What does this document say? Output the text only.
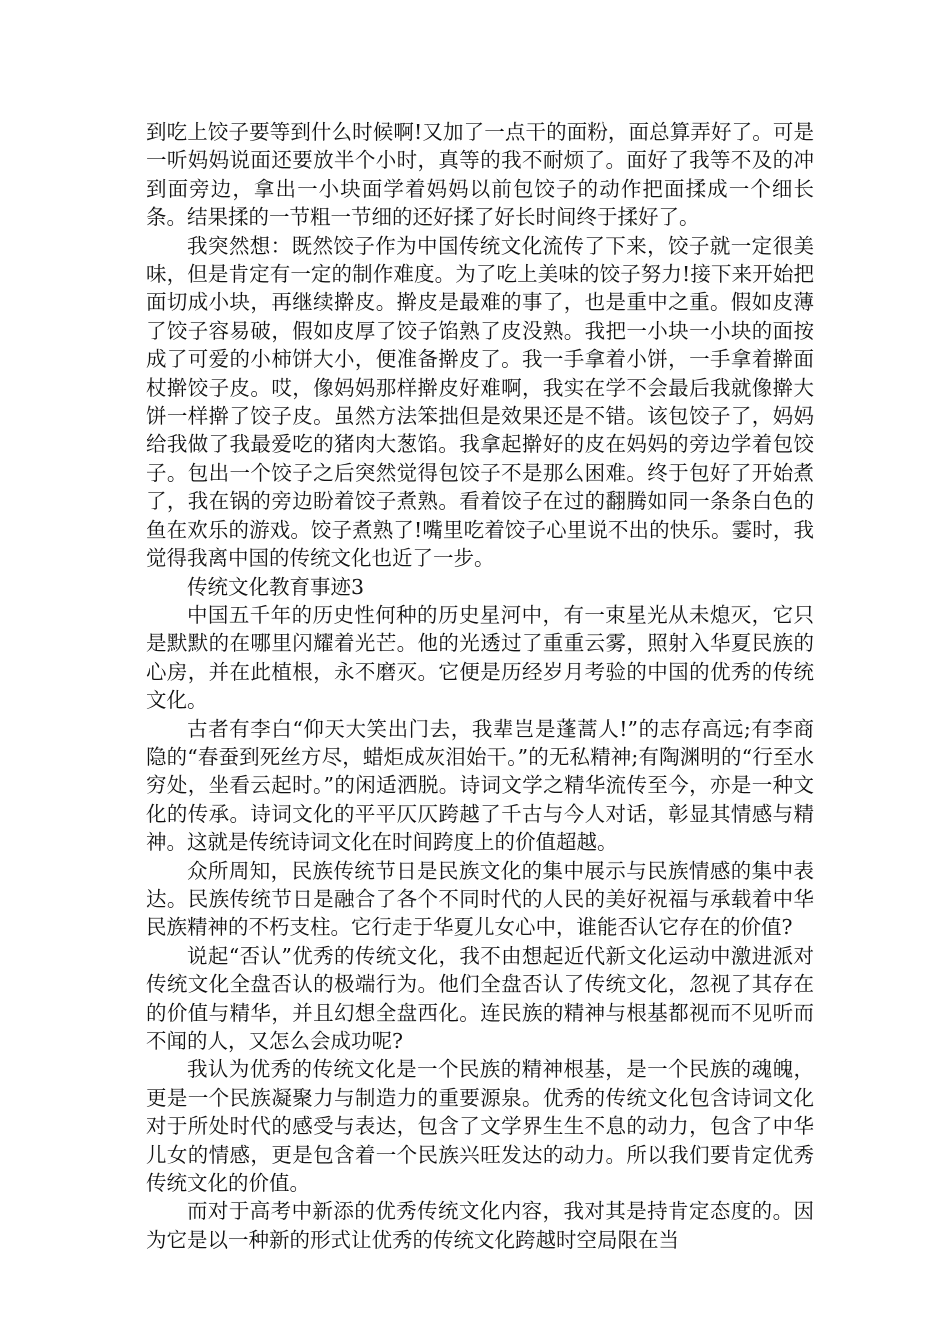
到吃上饺子要等到什么时候啊!又加了一点干的面粉，面总算弄好了。可是一听妈妈说面还要放半个小时，真等的我不耐烦了。面好了我等不及的冲到面旁边，拿出一小块面学着妈妈以前包饺子的动作把面揉成一个细长条。结果揉的一节粗一节细的还好揉了好长时间终于揉好了。

我突然想：既然饺子作为中国传统文化流传了下来，饺子就一定很美味，但是肯定有一定的制作难度。为了吃上美味的饺子努力!接下来开始把面切成小块，再继续擀皮。擀皮是最难的事了，也是重中之重。假如皮薄了饺子容易破，假如皮厚了饺子馅熟了皮没熟。我把一小块一小块的面按成了可爱的小柿饼大小，便准备擀皮了。我一手拿着小饼，一手拿着擀面杖擀饺子皮。哎，像妈妈那样擀皮好难啊，我实在学不会最后我就像擀大饼一样擀了饺子皮。虽然方法笨拙但是效果还是不错。该包饺子了，妈妈给我做了我最爱吃的猪肉大葱馅。我拿起擀好的皮在妈妈的旁边学着包饺子。包出一个饺子之后突然觉得包饺子不是那么困难。终于包好了开始煮了，我在锅的旁边盼着饺子煮熟。看着饺子在过的翻腾如同一条条白色的鱼在欢乐的游戏。饺子煮熟了!嘴里吃着饺子心里说不出的快乐。霎时，我觉得我离中国的传统文化也近了一步。

传统文化教育事迹3

中国五千年的历史性何种的历史星河中，有一束星光从未熄灭，它只是默默的在哪里闪耀着光芒。他的光透过了重重云雾，照射入华夏民族的心房，并在此植根，永不磨灭。它便是历经岁月考验的中国的优秀的传统文化。

古者有李白“仰天大笑出门去，我辈岂是蓬蒿人!”的志存高远;有李商隐的“春蚕到死丝方尽，蜡炬成灰泪始干。”的无私精神;有陶渊明的“行至水穷处，坐看云起时。”的闲适洒脱。诗词文学之精华流传至今，亦是一种文化的传承。诗词文化的平平仄仄跨越了千古与今人对话，彰显其情感与精神。这就是传统诗词文化在时间跨度上的价值超越。

众所周知，民族传统节日是民族文化的集中展示与民族情感的集中表达。民族传统节日是融合了各个不同时代的人民的美好祝福与承载着中华民族精神的不朽支柱。它行走于华夏儿女心中，谁能否认它存在的价值?

说起“否认”优秀的传统文化，我不由想起近代新文化运动中激进派对传统文化全盘否认的极端行为。他们全盘否认了传统文化，忽视了其存在的价值与精华，并且幻想全盘西化。连民族的精神与根基都视而不见听而不闻的人，又怎么会成功呢?

我认为优秀的传统文化是一个民族的精神根基，是一个民族的魂魄，更是一个民族凝聚力与制造力的重要源泉。优秀的传统文化包含诗词文化对于所处时代的感受与表达，包含了文学界生生不息的动力，包含了中华儿女的情感，更是包含着一个民族兴旺发达的动力。所以我们要肯定优秀传统文化的价值。

而对于高考中新添的优秀传统文化内容，我对其是持肯定态度的。因为它是以一种新的形式让优秀的传统文化跨越时空局限在当
